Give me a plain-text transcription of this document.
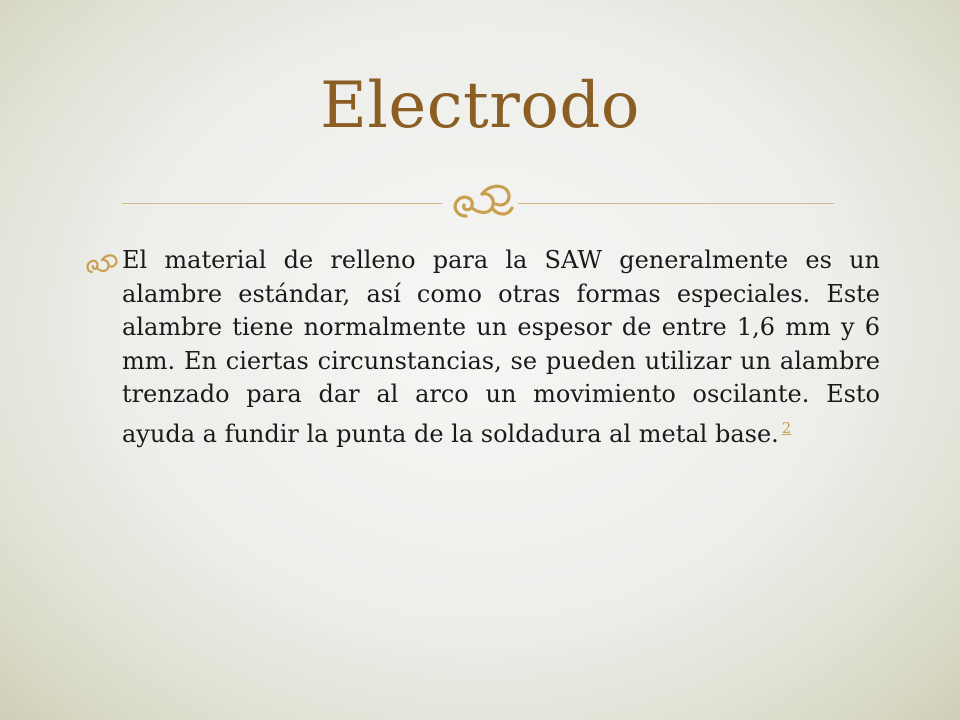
Electrodo
El material de relleno para la SAW generalmente es un alambre estándar, así como otras formas especiales. Este alambre tiene normalmente un espesor de entre 1,6 mm y 6 mm. En ciertas circunstancias, se pueden utilizar un alambre trenzado para dar al arco un movimiento oscilante. Esto ayuda a fundir la punta de la soldadura al metal base. $^2$
